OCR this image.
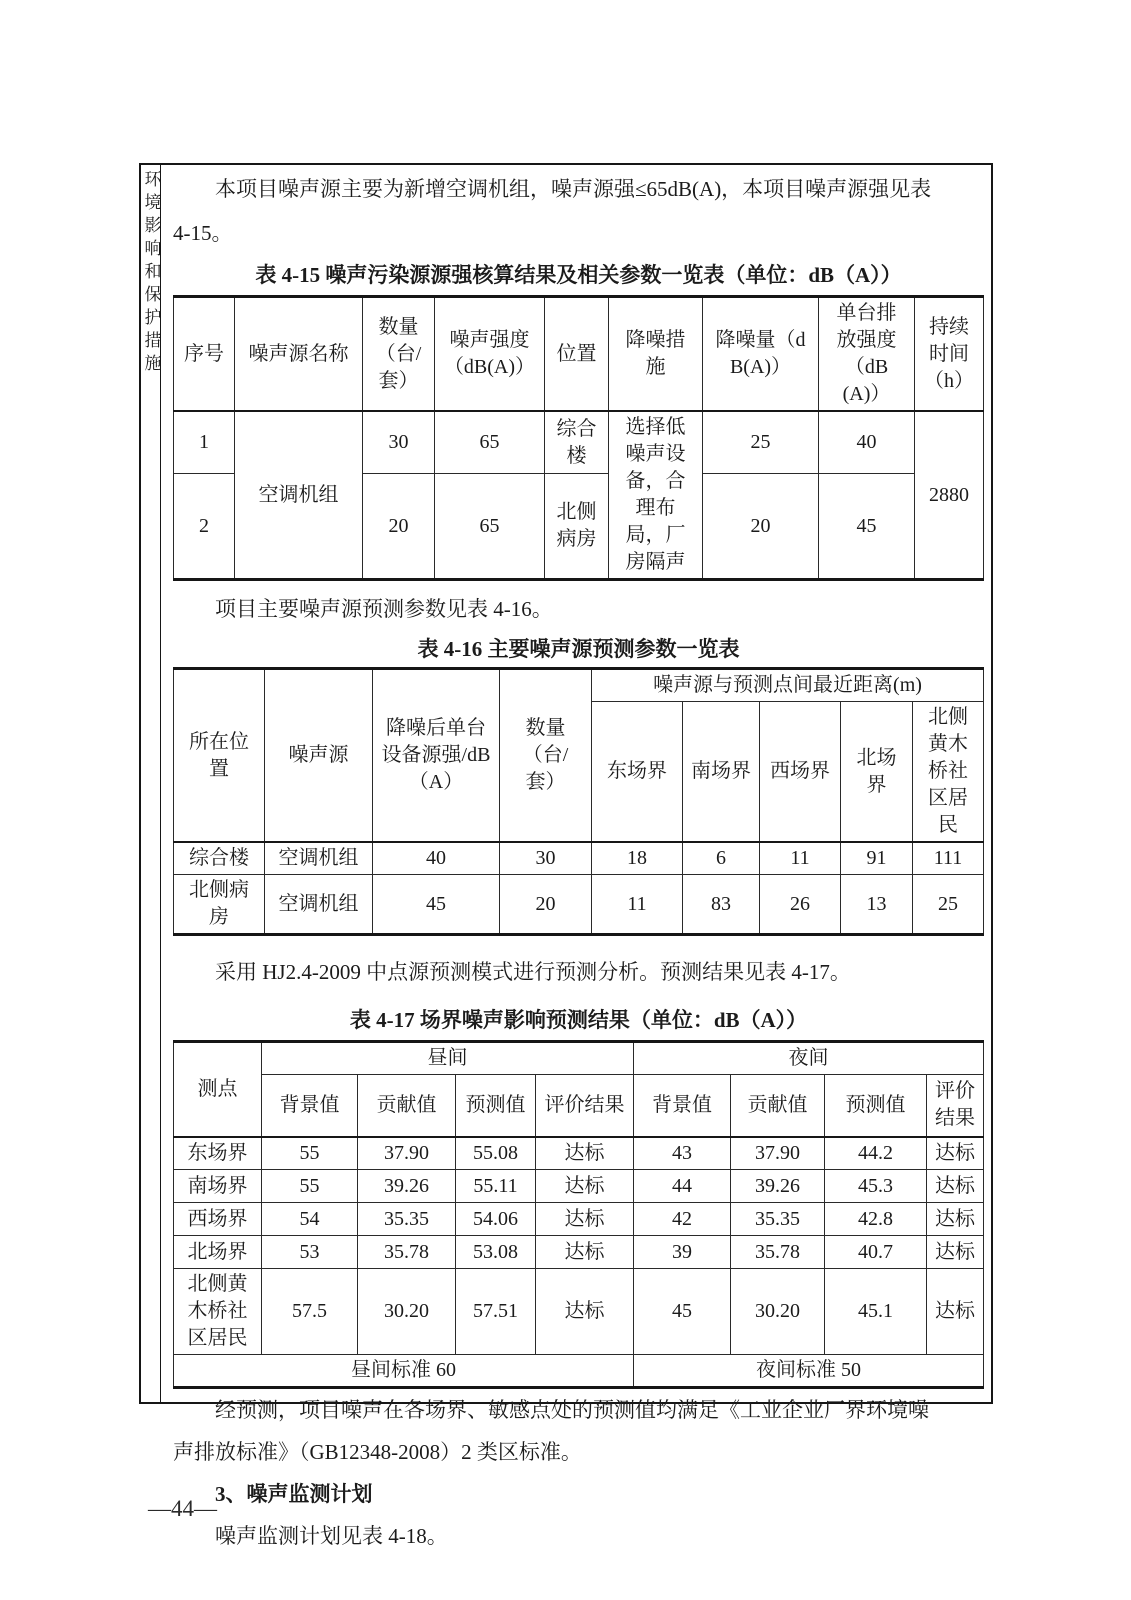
环境影响和保护措施	本项目噪声源主要为新增空调机组，噪声源强≤65dB(A)，本项目噪声源强见表
4-15。
表 4-15 噪声污染源源强核算结果及相关参数一览表（单位：dB（A））
序号	噪声源名称	数量（台/套）	噪声强度（dB(A)）	位置	降噪措施	降噪量（dB(A)）	单台排放强度（dB(A)）	持续时间（h）
1	空调机组	30	65	综合楼	选择低噪声设备，合理布局，厂房隔声	25	40	2880
2		20	65	北侧病房		20	45	
项目主要噪声源预测参数见表 4-16。
表 4-16 主要噪声源预测参数一览表
所在位置	噪声源	降噪后单台设备源强/dB（A）	数量（台/套）	噪声源与预测点间最近距离(m)				
				东场界	南场界	西场界	北场界	北侧黄木桥社区居民
综合楼	空调机组	40	30	18	6	11	91	111
北侧病房	空调机组	45	20	11	83	26	13	25
采用 HJ2.4-2009 中点源预测模式进行预测分析。预测结果见表 4-17。
表 4-17 场界噪声影响预测结果（单位：dB（A））
测点	昼间				夜间			
	背景值	贡献值	预测值	评价结果	背景值	贡献值	预测值	评价结果
东场界	55	37.90	55.08	达标	43	37.90	44.2	达标
南场界	55	39.26	55.11	达标	44	39.26	45.3	达标
西场界	54	35.35	54.06	达标	42	35.35	42.8	达标
北场界	53	35.78	53.08	达标	39	35.78	40.7	达标
北侧黄木桥社区居民	57.5	30.20	57.51	达标	45	30.20	45.1	达标
昼间标准 60					夜间标准 50			
经预测，项目噪声在各场界、敏感点处的预测值均满足《工业企业厂界环境噪
声排放标准》（GB12348-2008）2 类区标准。
3、噪声监测计划
噪声监测计划见表 4-18。
—44—
